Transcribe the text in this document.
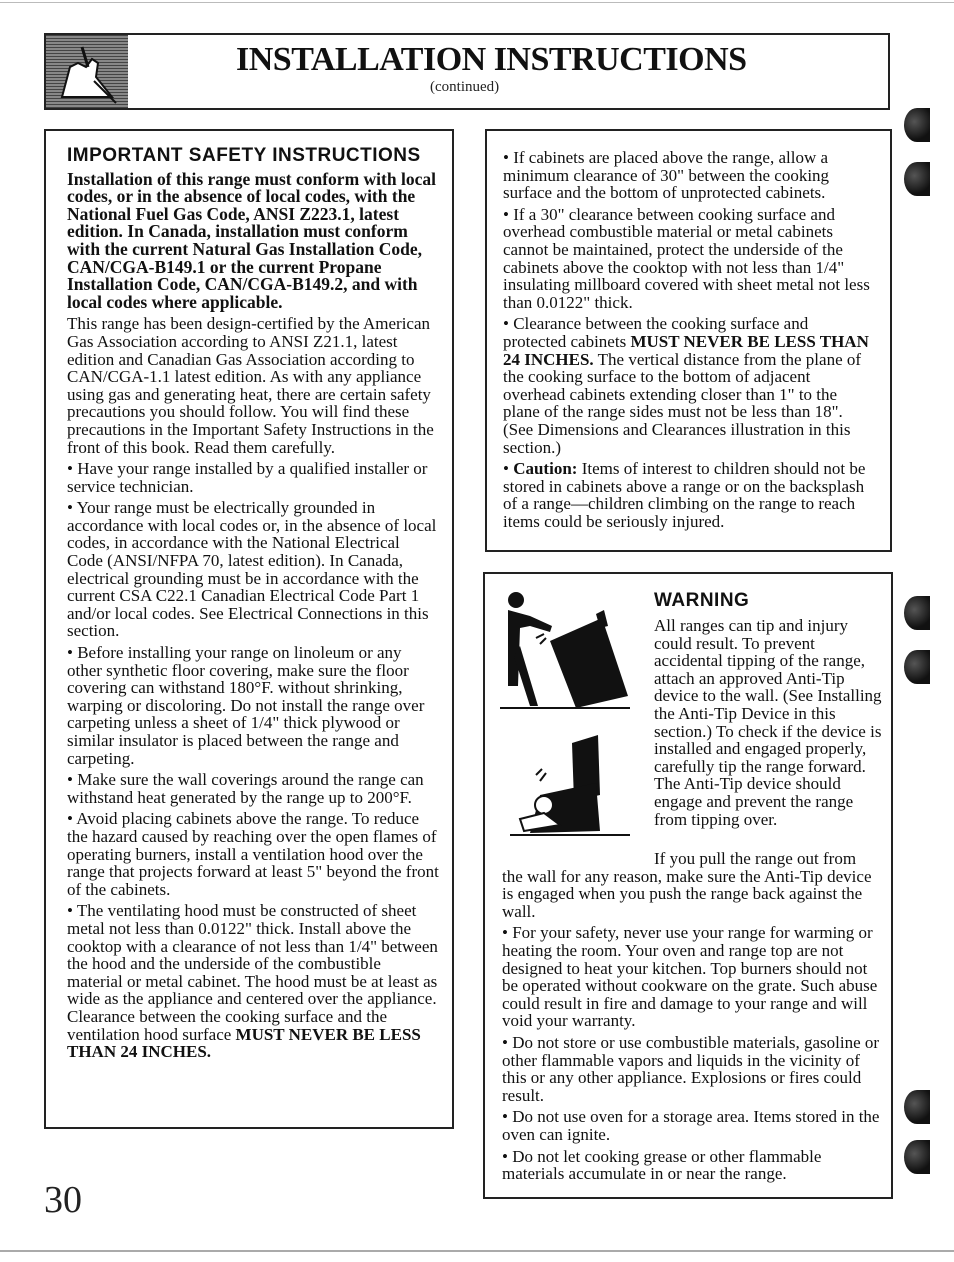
INSTALLATION INSTRUCTIONS
(continued)
IMPORTANT SAFETY INSTRUCTIONS

Installation of this range must conform with local codes, or in the absence of local codes, with the National Fuel Gas Code, ANSI Z223.1, latest edition. In Canada, installation must conform with the current Natural Gas Installation Code, CAN/CGA-B149.1 or the current Propane Installation Code, CAN/CGA-B149.2, and with local codes where applicable.

This range has been design-certified by the American Gas Association according to ANSI Z21.1, latest edition and Canadian Gas Association according to CAN/CGA-1.1 latest edition. As with any appliance using gas and generating heat, there are certain safety precautions you should follow. You will find these precautions in the Important Safety Instructions in the front of this book. Read them carefully.

• Have your range installed by a qualified installer or service technician.

• Your range must be electrically grounded in accordance with local codes or, in the absence of local codes, in accordance with the National Electrical Code (ANSI/NFPA 70, latest edition). In Canada, electrical grounding must be in accordance with the current CSA C22.1 Canadian Electrical Code Part 1 and/or local codes. See Electrical Connections in this section.

• Before installing your range on linoleum or any other synthetic floor covering, make sure the floor covering can withstand 180°F. without shrinking, warping or discoloring. Do not install the range over carpeting unless a sheet of 1/4" thick plywood or similar insulator is placed between the range and carpeting.

• Make sure the wall coverings around the range can withstand heat generated by the range up to 200°F.

• Avoid placing cabinets above the range. To reduce the hazard caused by reaching over the open flames of operating burners, install a ventilation hood over the range that projects forward at least 5" beyond the front of the cabinets.

• The ventilating hood must be constructed of sheet metal not less than 0.0122" thick. Install above the cooktop with a clearance of not less than 1/4" between the hood and the underside of the combustible material or metal cabinet. The hood must be at least as wide as the appliance and centered over the appliance. Clearance between the cooking surface and the ventilation hood surface MUST NEVER BE LESS THAN 24 INCHES.

• If cabinets are placed above the range, allow a minimum clearance of 30" between the cooking surface and the bottom of unprotected cabinets.

• If a 30" clearance between cooking surface and overhead combustible material or metal cabinets cannot be maintained, protect the underside of the cabinets above the cooktop with not less than 1/4" insulating millboard covered with sheet metal not less than 0.0122" thick.

• Clearance between the cooking surface and protected cabinets MUST NEVER BE LESS THAN 24 INCHES. The vertical distance from the plane of the cooking surface to the bottom of adjacent overhead cabinets extending closer than 1" to the plane of the range sides must not be less than 18". (See Dimensions and Clearances illustration in this section.)

• Caution: Items of interest to children should not be stored in cabinets above a range or on the backsplash of a range—children climbing on the range to reach items could be seriously injured.

WARNING

All ranges can tip and injury could result. To prevent accidental tipping of the range, attach an approved Anti-Tip device to the wall. (See Installing the Anti-Tip Device in this section.) To check if the device is installed and engaged properly, carefully tip the range forward. The Anti-Tip device should engage and prevent the range from tipping over.

If you pull the range out from the wall for any reason, make sure the Anti-Tip device is engaged when you push the range back against the wall.

• For your safety, never use your range for warming or heating the room. Your oven and range top are not designed to heat your kitchen. Top burners should not be operated without cookware on the grate. Such abuse could result in fire and damage to your range and will void your warranty.

• Do not store or use combustible materials, gasoline or other flammable vapors and liquids in the vicinity of this or any other appliance. Explosions or fires could result.

• Do not use oven for a storage area. Items stored in the oven can ignite.

• Do not let cooking grease or other flammable materials accumulate in or near the range.

30
